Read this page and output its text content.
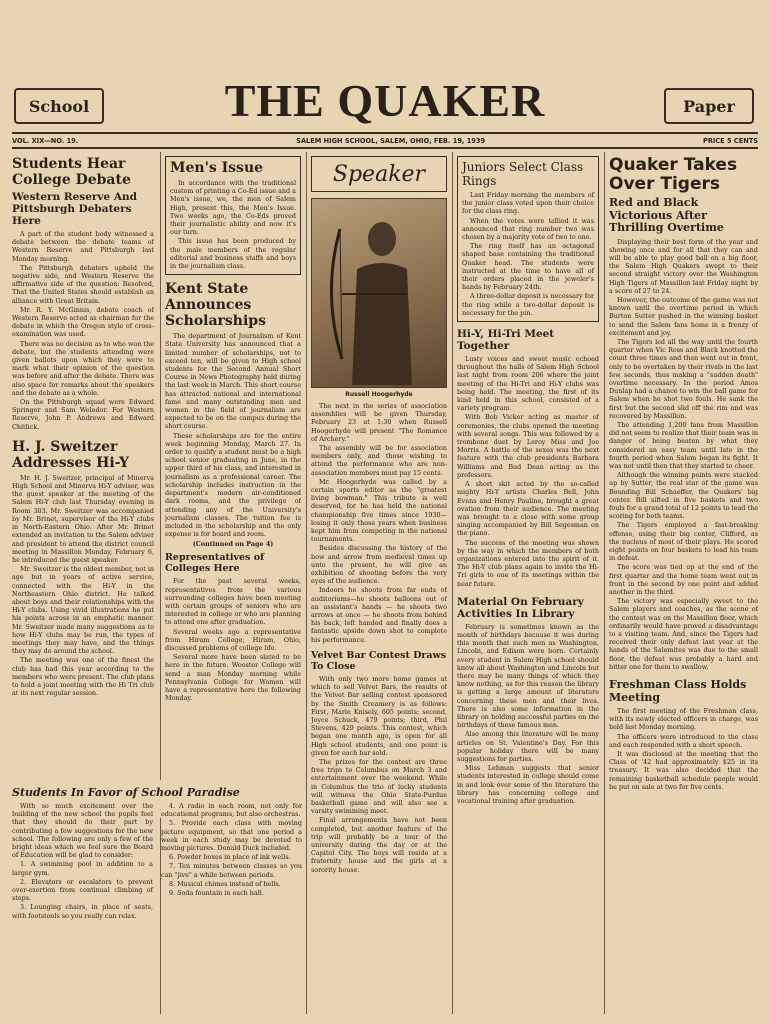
School	THE QUAKER	Paper
VOL. XIX—NO. 19.	SALEM HIGH SCHOOL, SALEM, OHIO, FEB. 19, 1939	PRICE 5 CENTS
Students Hear College Debate
Western Reserve And Pittsburgh Debaters Here

A part of the student body witnessed a debate between the debate teams of Western Reserve and Pittsburgh last Monday morning.

The Pittsburgh debaters upheld the negative side, and Western Reserve the affirmative side of the question: Resolved, That the United States should establish an alliance with Great Britain.

Mr. R. Y. McGinnis, debate coach of Western Reserve acted as chairman for the debate in which the Oregon style of cross-examination was used.

There was no decision as to who won the debate, but the students attending were given ballots upon which they were to mark what their opinion of the question was before and after the debate. There was also space for remarks about the speakers and the debate as a whole.

On the Pittsburgh squad were Edward Springer and Sam Welodor. For Western Reserve, John P. Andrews and Edward Chitlick.

H. J. Sweitzer Addresses Hi-Y

Mr. H. J. Sweitzer, principal of Minerva High School and Minerva Hi-Y adviser, was the guest speaker at the meeting of the Salem Hi-Y club last Thursday evening in Room 303. Mr. Sweitzer was accompanied by Mr. Brinet, supervisor of the Hi-Y clubs in North-Eastern Ohio. After Mr. Brinet extended an invitation to the Salem adviser and president to attend the district council meeting in Massillon Monday, February 6, he introduced the guest speaker.

Mr. Sweitzer is the oldest member, not in age but in years of active service, connected with the Hi-Y in the Northeastern Ohio district. He talked about boys and their relationships with the Hi-Y clubs. Using vivid illustrations he put his points across in an emphatic manner. Mr. Sweitzer made many suggestions as to how Hi-Y clubs may be run, the types of meetings they may have, and the things they may do around the school.

The meeting was one of the finest the club has had this year according to the members who were present. The club plans to hold a joint meeting with the Hi Tri club at its next regular session.

Men's Issue

In accordance with the traditional custom of printing a Co-Ed issue and a Men's issue, we, the men of Salem High, present this, the Men's Issue. Two weeks ago, the Co-Eds proved their journalistic ability and now it's our turn.

This issue has been produced by the male members of the regular editorial and business staffs and boys in the journalism class.

Kent State Announces Scholarships

The department of Journalism of Kent State University has announced that a limited number of scholarships, not to exceed ten, will be given to High school students for the Second Annual Short Course in News Photography held during the last week in March. This short course has attracted national and international fame and many outstanding men and women in the field of journalism are expected to be on the campus during the short course.

These scholarships are for the entire week beginning Monday, March 27. In order to qualify a student must be a high school senior graduating in June, in the upper third of his class, and interested in journalism as a professional career. The scholarship includes instruction in the department's modern air-conditioned dark rooms, and the privilege of attending any of the University's journalism classes. The tuition fee is included in the scholarship and the only expense is for board and room.

(Continued on Page 4)
Representatives of Colleges Here

For the past several weeks, representatives from the various surrounding colleges have been meeting with certain groups of seniors who are interested in college or who are planning to attend one after graduation.

Several weeks ago a representative from Hiram College, Hiram, Ohio, discussed problems of college life.

Several more have been slated to be here in the future. Wooster College will send a man Monday morning while Pennsylvania College for Women will have a representative here the following Monday.

Speaker
Russell Hoogerhyde

The next in the series of association assemblies will be given Thursday, February 23 at 1:30 when Russell Hoogerhyde will present "The Romance of Archery."

The assembly will be for association members only, and those wishing to attend the performance who are non-association members must pay 15 cents.

Mr. Hoogerhyde was called by a certain sports editor as the "greatest living bowman." This tribute is well deserved, for he has held the national championship five times since 1930—losing it only those years when business kept him from competing in the national tournaments.

Besides discussing the history of the bow and arrow from medieval times up unto the present, he will give an exhibition of shooting before the very eyes of the audience.

Indoors he shoots from far ends of auditoriums—he shoots balloons out of an assistant's hands — he shoots two arrows at once — he shoots from behind his back, left handed and finally does a fantastic upside down shot to complete his performance.

Velvet Bar Contest Draws To Close

With only two more home games at which to sell Velvet Bars, the results of the Velvet Bar selling contest sponsored by the Smith Creamery is as follows: First, Marie Knisely, 605 points; second, Joyce Schuck, 479 points; third, Phil Stevens, 429 points. This contest, which began one month ago, is open for all High school students, and one point is given for each bar sold.

The prizes for the contest are three free trips to Columbus on March 3 and entertainment over the weekend. While in Columbus the trio of lucky students will witness the Ohio State-Purdue basketball game and will also see a varsity swimming meet.

Final arrangements have not been completed, but another feature of the trip will probably be a tour of the university during the day or at the Capitol City. The boys will reside at a fraternity house and the girls at a sorority house.

Juniors Select Class Rings

Last Friday morning the members of the junior class voted upon their choice for the class ring.

When the votes were tallied it was announced that ring number two was chosen by a majority vote of two to one.

The ring itself has an octagonal shaped base containing the traditional Quaker head. The students were instructed at the time to have all of their orders placed in the jeweler's hands by February 24th.

A three-dollar deposit is necessary for the ring while a two-dollar deposit is necessary for the pin.

Hi-Y, Hi-Tri Meet Together

Lusty voices and sweet music echoed throughout the halls of Salem High School last night from room 206 where the joint meeting of the Hi-Tri and Hi-Y clubs was being held. The meeting, the first of its kind held in this school, consisted of a variety program.

With Bob Vicker acting as master of ceremonies, the clubs opened the meeting with several songs. This was followed by a trombone duet by Leroy Miss and Joe Morris. A battle of the sexes was the next feature with the club presidents Barbara Williams and Bud Dean acting as the professors.

A short skit acted by the so-called mighty Hi-Y artists Charles Bell, John Evans and Henry Pauline, brought a great ovation from their audience. The meeting was brought to a close with some group singing accompanied by Bill Segesman on the piano.

The success of the meeting was shown by the way in which the members of both organizations entered into the spirit of it. The Hi-Y club plans again to invite the Hi-Tri girls to one of its meetings within the near future.

Material On February Activities In Library

February is sometimes known as the month of birthdays because it was during this month that such men as Washington, Lincoln, and Edison were born. Certainly every student in Salem High school should know all about Washington and Lincoln but there may be many things of which they know nothing, as for this reason the library is getting a large amount of literature concerning these men and their lives. There is also some information in the library on holding successful parties on the birthdays of these famous men.

Also among this literature will be many articles on St. Valentine's Day. For this popular holiday there will be many suggestions for parties.

Miss Lehman suggests that senior students interested in college should come in and look over some of the literature the library has concerning college and vocational training after graduation.

Quaker Takes Over Tigers
Red and Black Victorious After Thrilling Overtime

Displaying their best form of the year and showing once and for all that they can and will be able to play good ball on a big floor, the Salem High Quakers swept to their second straight victory over the Washington High Tigers of Massillon last Friday night by a score of 27 to 24.

However, the outcome of the game was not known until the overtime period in which Burton Sutter pushed in the winning basket to send the Salem fans home in a frenzy of excitement and joy.

The Tigers led all the way until the fourth quarter when Vic Ross and Black knotted the count three times and then went out in front, only to be overtaken by their rivals in the last few seconds, thus making a "sudden death" overtime necessary. In the period Amos Dunlap had a chance to win the ball game for Salem when he shot two fouls. He sank the first but the second slid off the rim and was recovered by Massillon.

The attending 1,200 fans from Massillon did not seem to realize that their team was in danger of being beaten by what they considered an easy team until late in the fourth period when Salem began its fight. It was not until then that they started to cheer.

Although the winning points were stacked up by Sutter, the real star of the game was Bounding Bill Schaeffer, the Quakers' big center. Bill sifted in five baskets and two fouls for a grand total of 12 points to lead the scoring for both teams.

The Tigers employed a fast-breaking offense, using their big center, Clifford, as the nucleus of most of their plays. He scored eight points on four baskets to lead his team in defeat.

The score was tied up at the end of the first quarter and the home team went out in front in the second by one point and added another in the third.

The victory was especially sweet to the Salem players and coaches, as the scene of the contest was on the Massillon floor, which ordinarily would have proved a disadvantage to a visiting team. And, since the Tigers had received their only defeat last year at the hands of the Salemites was due to the small floor, the defeat was probably a hard and bitter one for them to swallow.

Freshman Class Holds Meeting

The first meeting of the Freshman class, with its newly elected officers in charge, was held last Monday morning.

The officers were introduced to the class and each responded with a short speech.

It was disclosed at the meeting that the Class of '42 had approximately $25 in its treasury. It was also decided that the remaining basketball schedule people would be put on sale at two for five cents.

Students In Favor of School Paradise

With so much excitement over the building of the new school the pupils feel that they should do their part by contributing a few suggestions for the new school. The following are only a few of the bright ideas which we feel sure the Board of Education will be glad to consider:

1. A swimming pool in addition to a larger gym.

2. Elevators or escalators to prevent over-exertion from continual climbing of steps.

3. Lounging chairs, in place of seats, with footstools so you really can relax.

4. A radio in each room, not only for educational programs, but also orchestras.

5. Provide each class with moving picture equipment, so that one period a week in each study may be devoted to moving pictures. Donald Duck included.

6. Powder boxes in place of ink wells.

7. Ten minutes between classes so you can "jive" a while between periods.

8. Musical chimes instead of bells.

9. Soda fountain in each hall.
